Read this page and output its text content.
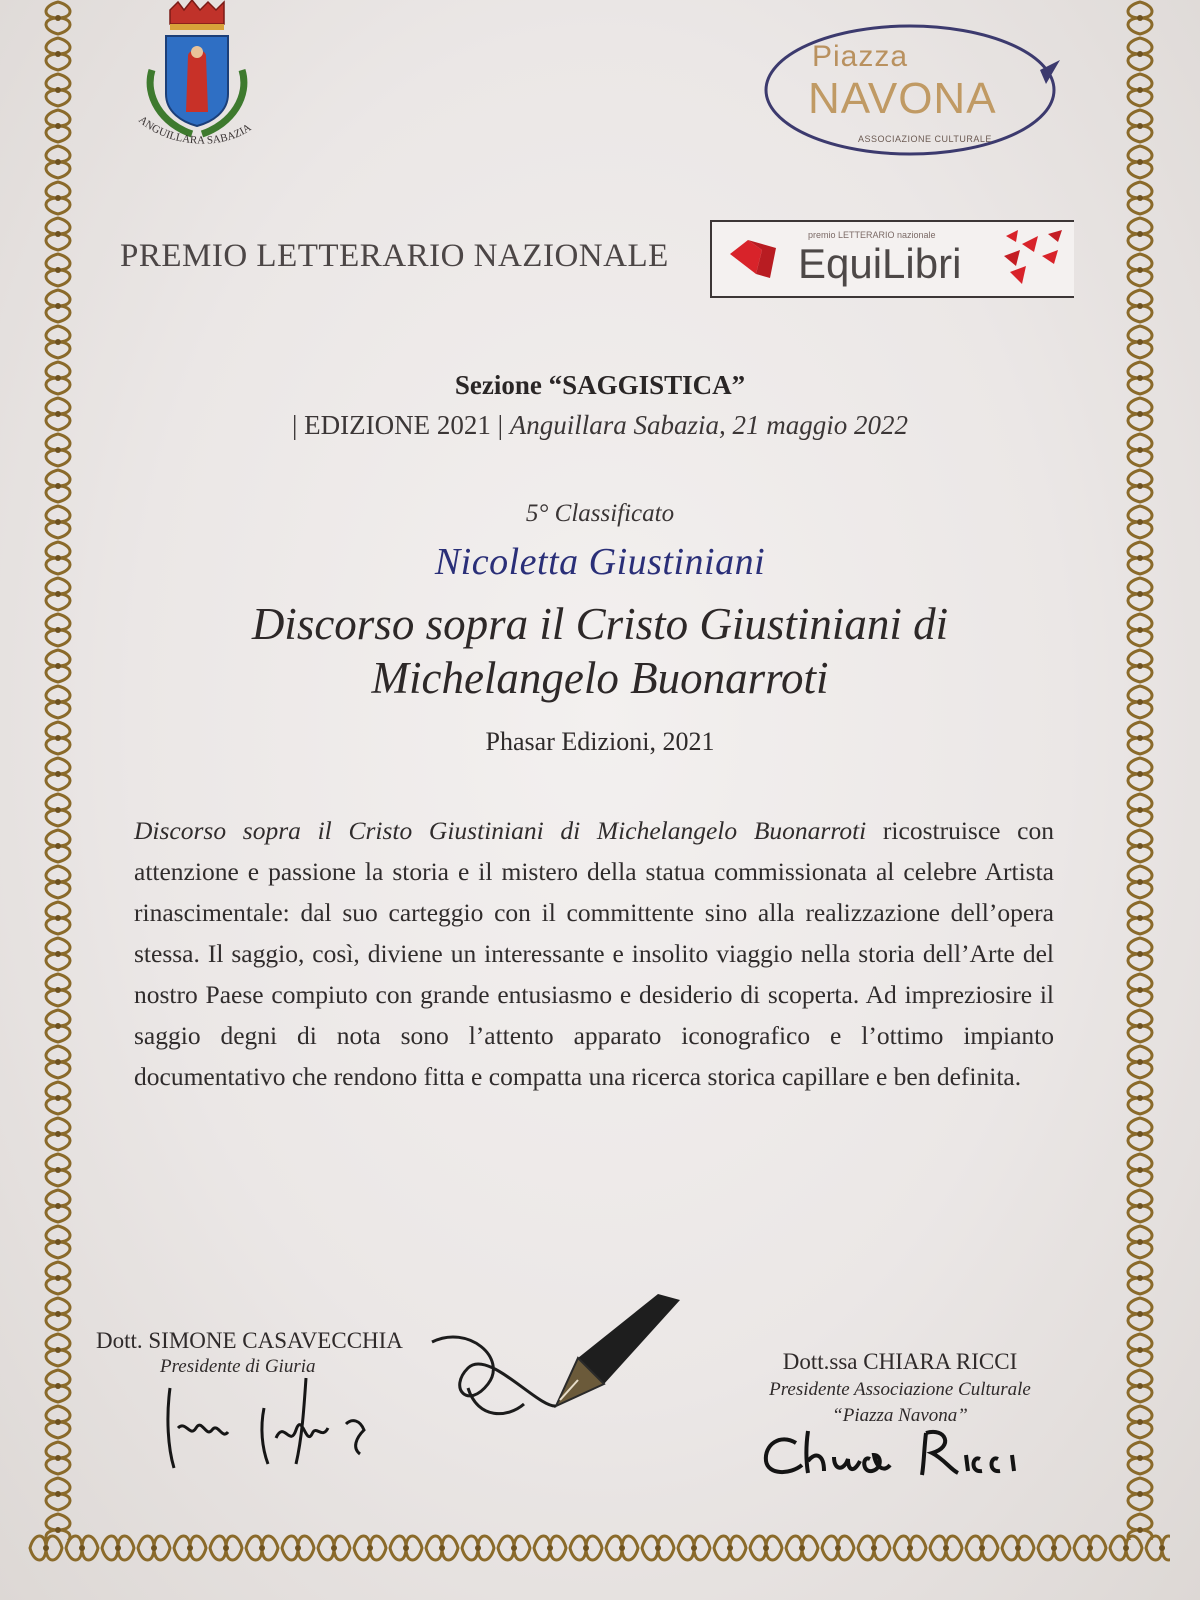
ANGUILLARA SABAZIA
Piazza
NAVONA
ASSOCIAZIONE CULTURALE
PREMIO LETTERARIO NAZIONALE
premio LETTERARIO nazionale
EquiLibri
Sezione “SAGGISTICA”
| EDIZIONE 2021 | Anguillara Sabazia, 21 maggio 2022
5° Classificato
Nicoletta Giustiniani
Discorso sopra il Cristo Giustiniani di
Michelangelo Buonarroti
Phasar Edizioni, 2021
Discorso sopra il Cristo Giustiniani di Michelangelo Buonarroti ricostruisce con attenzione e passione la storia e il mistero della statua commissionata al celebre Artista rinascimentale: dal suo carteggio con il committente sino alla realizzazione dell’opera stessa. Il saggio, così, diviene un interessante e insolito viaggio nella storia dell’Arte del nostro Paese compiuto con grande entusiasmo e desiderio di scoperta. Ad impreziosire il saggio degni di nota sono l’attento apparato iconografico e l’ottimo impianto documentativo che rendono fitta e compatta una ricerca storica capillare e ben definita.
Dott. SIMONE CASAVECCHIA
Presidente di Giuria	Dott.ssa CHIARA RICCI
Presidente Associazione Culturale
“Piazza Navona”
